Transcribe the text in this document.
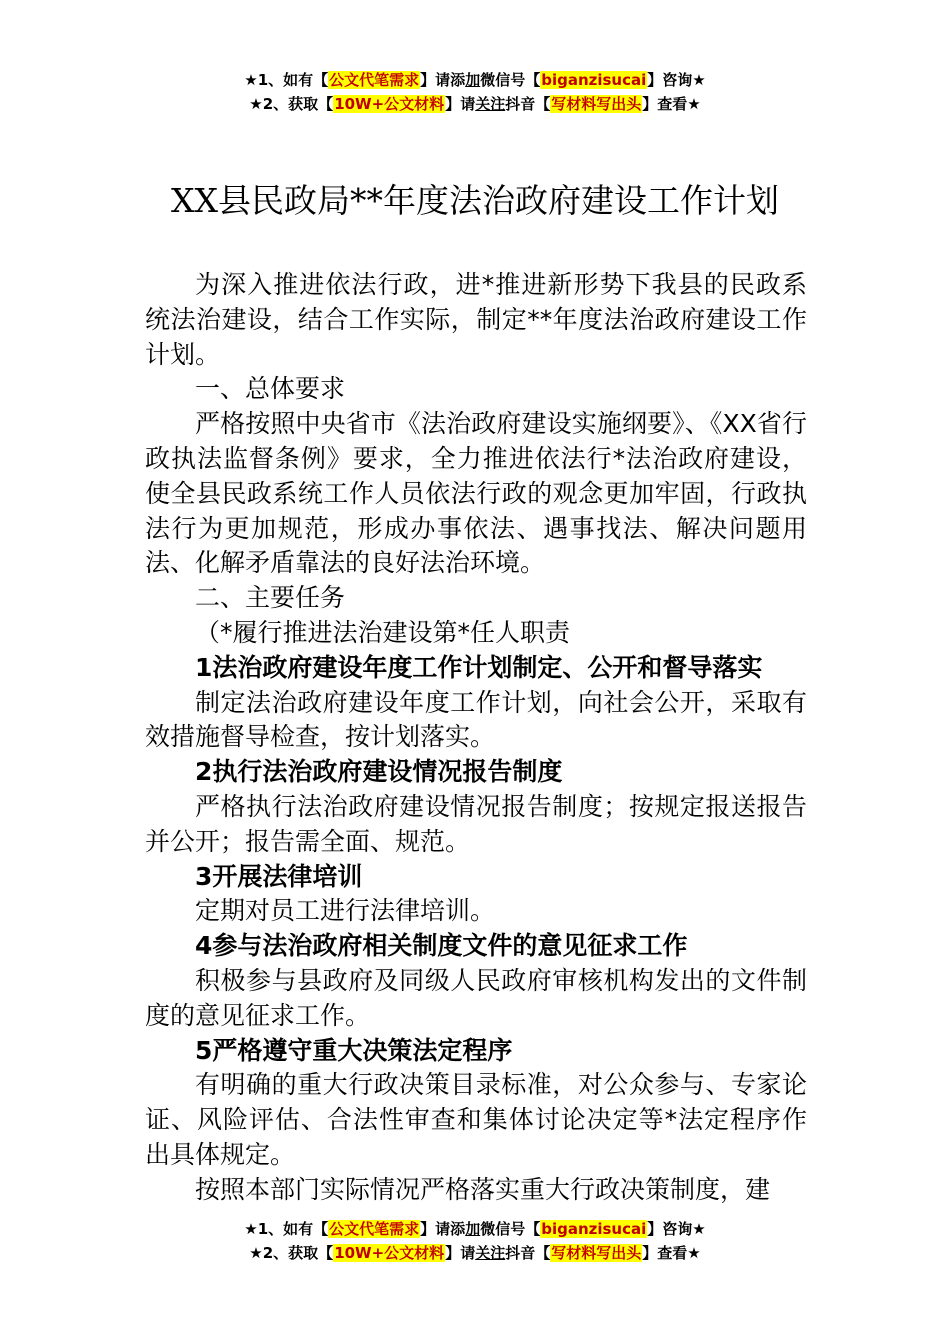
★1、如有【公文代笔需求】请添加微信号【biganzisucai】咨询★
★2、获取【10W+公文材料】请关注抖音【写材料写出头】查看★
XX县民政局**年度法治政府建设工作计划

为深入推进依法行政，进*推进新形势下我县的民政系统法治建设，结合工作实际，制定**年度法治政府建设工作计划。

一、总体要求

严格按照中央省市《法治政府建设实施纲要》、《XX省行政执法监督条例》要求，全力推进依法行*法治政府建设，使全县民政系统工作人员依法行政的观念更加牢固，行政执法行为更加规范，形成办事依法、遇事找法、解决问题用法、化解矛盾靠法的良好法治环境。

二、主要任务

（*履行推进法治建设第*任人职责

1法治政府建设年度工作计划制定、公开和督导落实

制定法治政府建设年度工作计划，向社会公开，采取有效措施督导检查，按计划落实。

2执行法治政府建设情况报告制度

严格执行法治政府建设情况报告制度；按规定报送报告并公开；报告需全面、规范。

3开展法律培训

定期对员工进行法律培训。

4参与法治政府相关制度文件的意见征求工作

积极参与县政府及同级人民政府审核机构发出的文件制度的意见征求工作。

5严格遵守重大决策法定程序

有明确的重大行政决策目录标准，对公众参与、专家论证、风险评估、合法性审查和集体讨论决定等*法定程序作出具体规定。

按照本部门实际情况严格落实重大行政决策制度，建

★1、如有【公文代笔需求】请添加微信号【biganzisucai】咨询★
★2、获取【10W+公文材料】请关注抖音【写材料写出头】查看★
